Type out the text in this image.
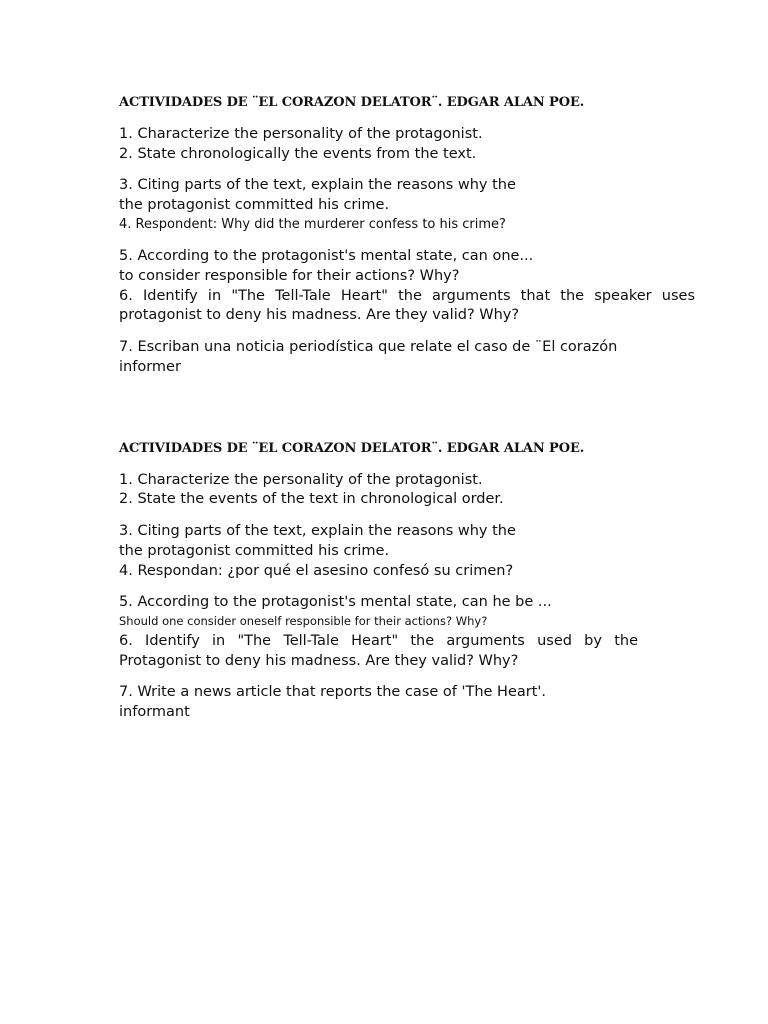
ACTIVIDADES DE ¨EL CORAZON DELATOR¨. EDGAR ALAN POE.
1. Characterize the personality of the protagonist.
2. State chronologically the events from the text.
3. Citing parts of the text, explain the reasons why the
the protagonist committed his crime.
4. Respondent: Why did the murderer confess to his crime?
5. According to the protagonist's mental state, can one...
to consider responsible for their actions? Why?
6. Identify in "The Tell-Tale Heart" the arguments that the speaker uses
protagonist to deny his madness. Are they valid? Why?
7. Escriban una noticia periodística que relate el caso de ¨El corazón
informer
ACTIVIDADES DE ¨EL CORAZON DELATOR¨. EDGAR ALAN POE.
1. Characterize the personality of the protagonist.
2. State the events of the text in chronological order.
3. Citing parts of the text, explain the reasons why the
the protagonist committed his crime.
4. Respondan: ¿por qué el asesino confesó su crimen?
5. According to the protagonist's mental state, can he be ...
Should one consider oneself responsible for their actions? Why?
6. Identify in "The Tell-Tale Heart" the arguments used by the
Protagonist to deny his madness. Are they valid? Why?
7. Write a news article that reports the case of 'The Heart'.
informant
